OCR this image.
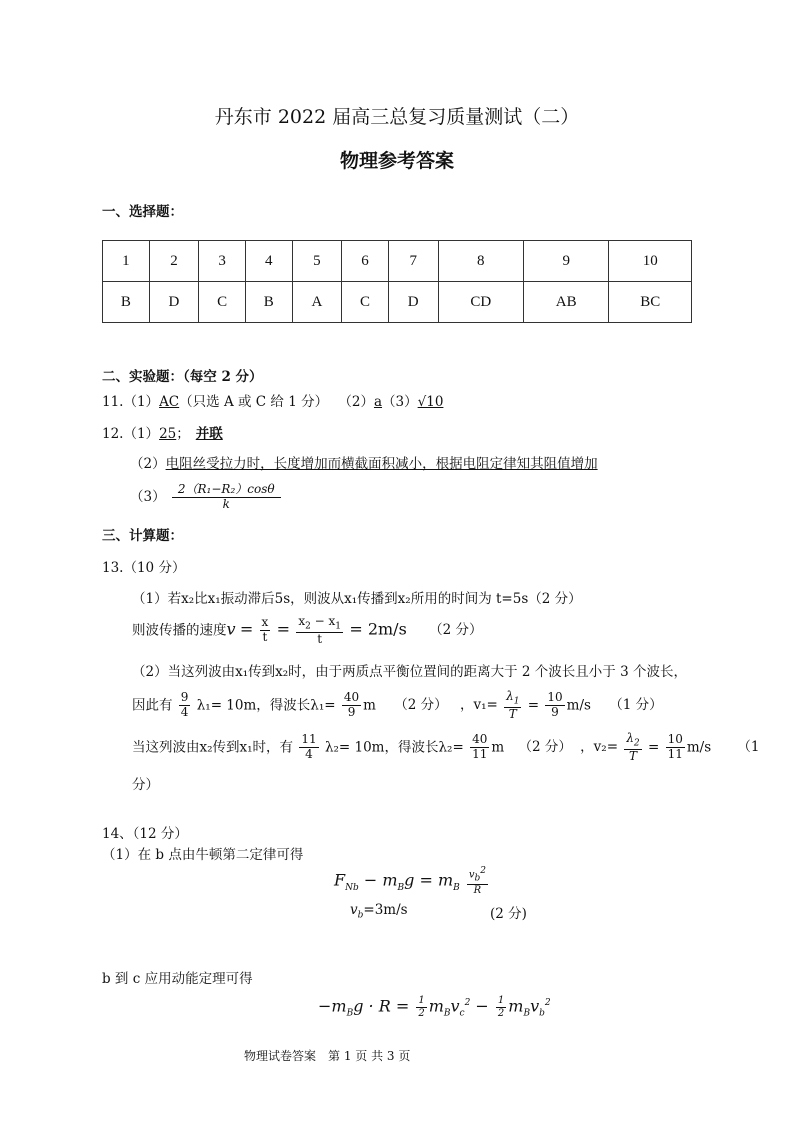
丹东市 2022 届高三总复习质量测试（二）
物理参考答案
一、选择题：
1	2	3	4	5	6	7	8	9	10
B	D	C	B	A	C	D	CD	AB	BC
二、实验题：（每空 2 分）
11.（1）AC（只选 A 或 C 给 1 分） （2）a（3）√10
12.（1）25； 并联
（2）电阻丝受拉力时，长度增加而横截面积减小，根据电阻定律知其阻值增加
$(3) \frac{\text{2（R₁−R₂）cosθ}}{k}$
三、计算题：
13.（10 分）
（1）若x₂比x₁振动滞后5s，则波从x₁传播到x₂所用的时间为 t=5s（2 分）
则波传播的速度$v = \frac{x}{t} = \frac{x_2 - x_1}{t} = 2m/s$ （2 分）
（2）当这列波由x₁传到x₂时，由于两质点平衡位置间的距离大于 2 个波长且小于 3 个波长，
因此有 $\frac{9}{4} \lambda_1= 10m$，得波长$\lambda_1= \frac{40}{9}$ m （2 分） ，$v_1= \frac{\lambda_1}{T} = \frac{10}{9} m/s$ （1 分）
当这列波由x₂传到x₁时，有 $\frac{11}{4} \lambda_2= 10m$，得波长$\lambda_2= \frac{40}{11}$ m （2 分） ，$v_2= \frac{\lambda_2}{T} = \frac{10}{11} m/s$ （1
分）
14、（12 分）
（1）在 b 点由牛顿第二定律可得
$F_{Nb} - m_Bg = m_B \frac{v_b^2}{R}$
$v_b=3m/s$	(2 分)
b 到 c 应用动能定理可得
$-m_Bg \cdot R = \frac{1}{2} m_Bv_c^2 - \frac{1}{2} m_Bv_b^2$
物理试卷答案　第 1 页 共 3 页
